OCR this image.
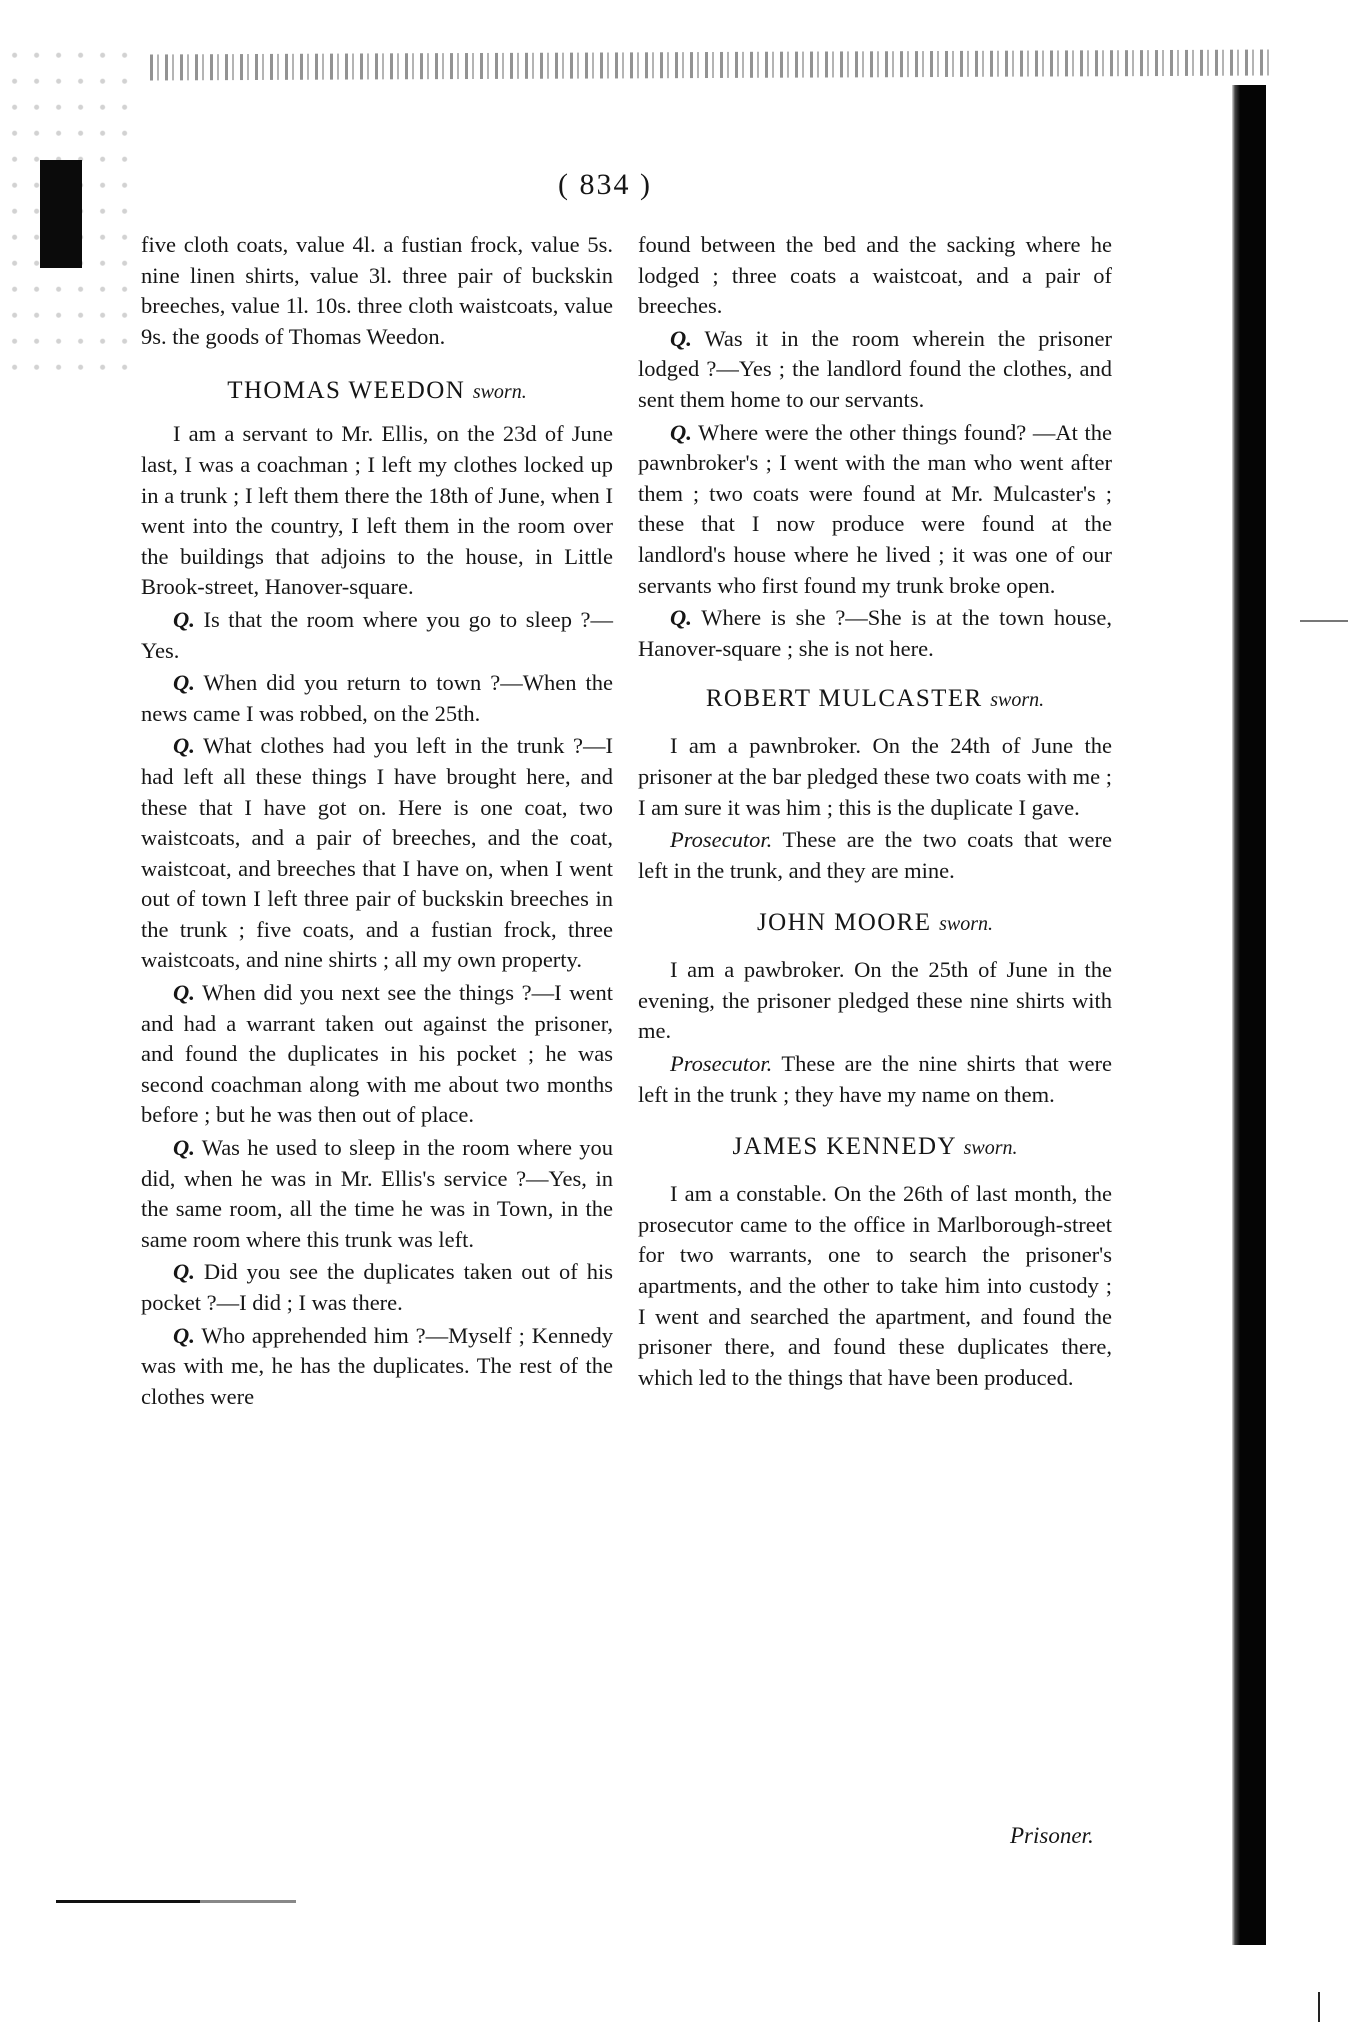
( 834 )

five cloth coats, value 4l. a fustian frock, value 5s. nine linen shirts, value 3l. three pair of buckskin breeches, value 1l. 10s. three cloth waistcoats, value 9s. the goods of Thomas Weedon.

THOMAS WEEDON sworn.

I am a servant to Mr. Ellis, on the 23d of June last, I was a coachman ; I left my clothes locked up in a trunk ; I left them there the 18th of June, when I went into the country, I left them in the room over the buildings that adjoins to the house, in Little Brook-street, Hanover-square.

Q. Is that the room where you go to sleep ?—Yes.

Q. When did you return to town ?—When the news came I was robbed, on the 25th.

Q. What clothes had you left in the trunk ?—I had left all these things I have brought here, and these that I have got on. Here is one coat, two waistcoats, and a pair of breeches, and the coat, waistcoat, and breeches that I have on, when I went out of town I left three pair of buckskin breeches in the trunk ; five coats, and a fustian frock, three waistcoats, and nine shirts ; all my own property.

Q. When did you next see the things ?—I went and had a warrant taken out against the prisoner, and found the duplicates in his pocket ; he was second coachman along with me about two months before ; but he was then out of place.

Q. Was he used to sleep in the room where you did, when he was in Mr. Ellis's service ?—Yes, in the same room, all the time he was in Town, in the same room where this trunk was left.

Q. Did you see the duplicates taken out of his pocket ?—I did ; I was there.

Q. Who apprehended him ?—Myself ; Kennedy was with me, he has the duplicates. The rest of the clothes were

found between the bed and the sacking where he lodged ; three coats a waistcoat, and a pair of breeches.

Q. Was it in the room wherein the prisoner lodged ?—Yes ; the landlord found the clothes, and sent them home to our servants.

Q. Where were the other things found? —At the pawnbroker's ; I went with the man who went after them ; two coats were found at Mr. Mulcaster's ; these that I now produce were found at the landlord's house where he lived ; it was one of our servants who first found my trunk broke open.

Q. Where is she ?—She is at the town house, Hanover-square ; she is not here.

ROBERT MULCASTER sworn.

I am a pawnbroker. On the 24th of June the prisoner at the bar pledged these two coats with me ; I am sure it was him ; this is the duplicate I gave.

Prosecutor. These are the two coats that were left in the trunk, and they are mine.

JOHN MOORE sworn.

I am a pawbroker. On the 25th of June in the evening, the prisoner pledged these nine shirts with me.

Prosecutor. These are the nine shirts that were left in the trunk ; they have my name on them.

JAMES KENNEDY sworn.

I am a constable. On the 26th of last month, the prosecutor came to the office in Marlborough-street for two warrants, one to search the prisoner's apartments, and the other to take him into custody ; I went and searched the apartment, and found the prisoner there, and found these duplicates there, which led to the things that have been produced.

Prisoner.
